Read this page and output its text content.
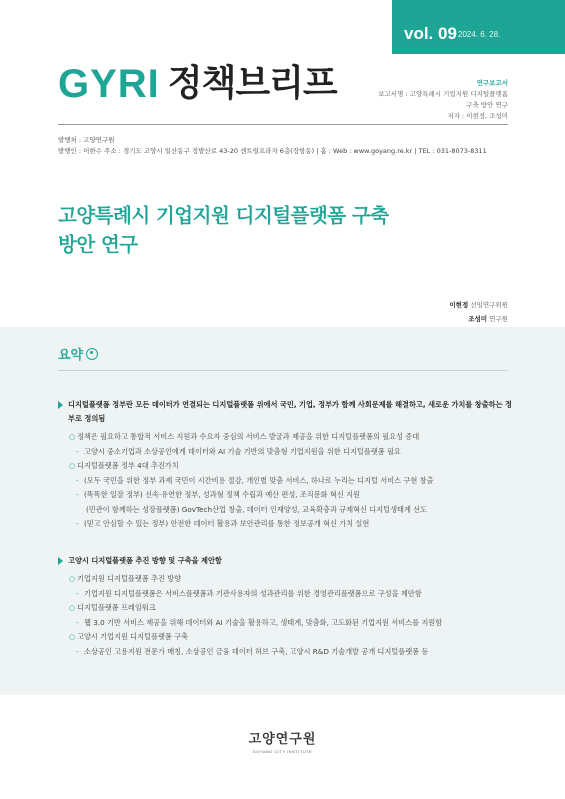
vol. 09 2024. 6. 28.
GYRI 정책브리프	연구보고서
보고서명 : 고양특례시 기업지원 디지털플랫폼
구축 방안 연구
저자 : 이현정, 조성미
발행처 : 고양연구원
발행인 : 이한수 주소 : 경기도 고양시 일산동구 정발산로 43-20 센트럴프라자 6층(장항동) | 홈 : Web : www.goyang.re.kr | TEL : 031-8073-8311
고양특례시 기업지원 디지털플랫폼 구축
방안 연구
이현정 선임연구위원
조성미 연구원
요약
디지털플랫폼 정부란 모든 데이터가 연결되는 디지털플랫폼 위에서 국민, 기업, 정부가 함께 사회문제를 해결하고, 새로운 가치를 창출하는 정부로 정의됨
○ 정책은 필요하고 통합적 서비스 지원과 수요자 중심의 서비스 발굴과 제공을 위한 디지털플랫폼의 필요성 증대
- 고양시 중소기업과 소상공인에게 데이터와 AI 기술 기반의 맞춤형 기업지원을 위한 디지털플랫폼 필요
○ 디지털플랫폼 정부 4대 추진가치
- (모두 국민을 위한 정부 과제 국민이 시간비용 절감, 개인별 맞춤 서비스, 하나로 누리는 디지털 서비스 구현 창출
- (똑똑한 일잘 정부) 신속·유연한 정부, 성과형 정책 수립과 예산 편성, 조직문화 혁신 지원
(민관이 함께하는 성장플랫폼) GovTech산업 창출, 데이터 인재양성, 교육확충과 규제혁신 디지털생태계 선도
- (믿고 안심할 수 있는 정부) 안전한 데이터 활용과 보안관리를 통한 정보공개 혁신 가치 실현
고양시 디지털플랫폼 추진 방향 및 구축을 제안함
○ 기업지원 디지털플랫폼 추진 방향
- 기업지원 디지털플랫폼은 서비스플랫폼과 기관사용자의 성과관리를 위한 경영관리플랫폼으로 구성을 제안함
○ 디지털플랫폼 프레임워크
- 웹 3.0 기반 서비스 제공을 위해 데이터와 AI 기술을 활용하고, 생태계, 맞춤화, 고도화된 기업지원 서비스를 지원함
○ 고양시 기업지원 디지털플랫폼 구축
- 소상공인 고용지원 전문가 매칭, 소상공인 금융 데이터 허브 구축, 고양시 R&D 기술개발 공개 디지털플랫폼 등
고양연구원
GOYANG CITY INSTITUTE
